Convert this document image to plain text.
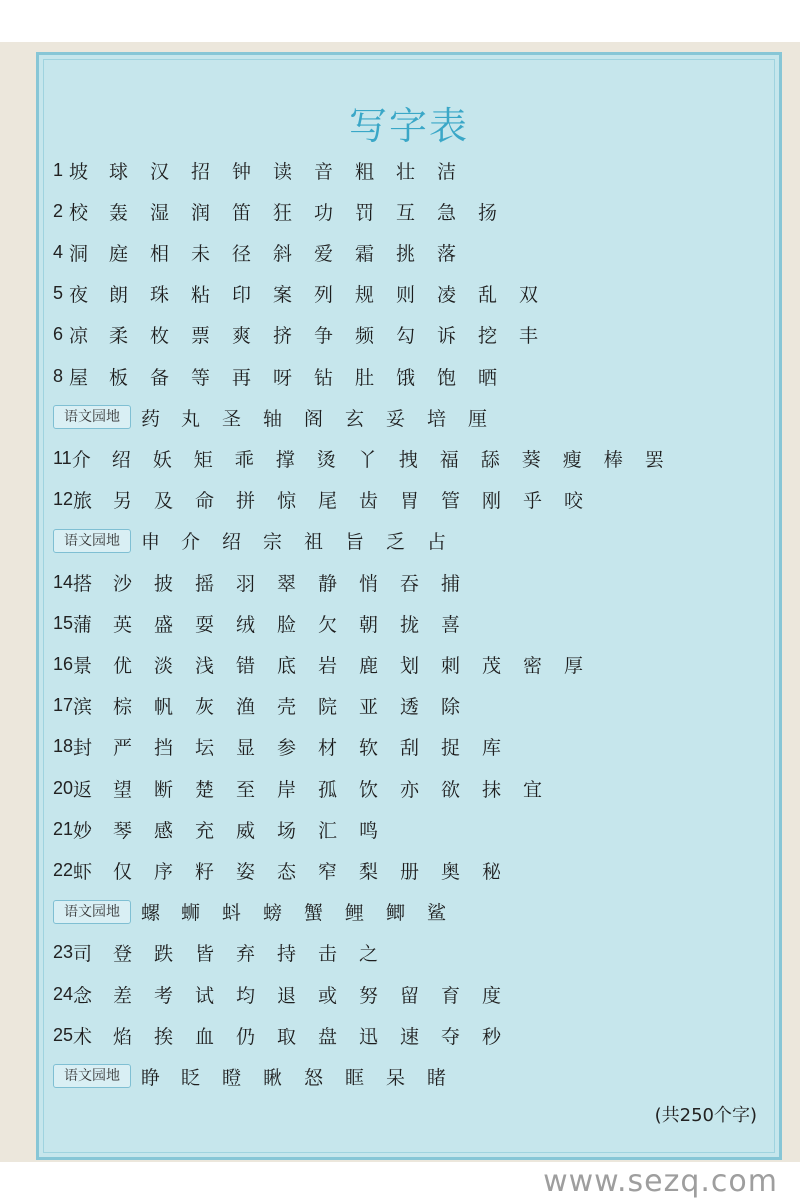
写字表
1 坡	球	汉	招	钟	读	音	粗	壮	洁
2 校	轰	湿	润	笛	狂	功	罚	互	急	扬
4 洞	庭	相	未	径	斜	爱	霜	挑	落
5 夜	朗	珠	粘	印	案	列	规	则	凌	乱	双
6 凉	柔	枚	票	爽	挤	争	频	勾	诉	挖	丰
8 屋	板	备	等	再	呀	钻	肚	饿	饱	晒
语文园地	药	丸	圣	轴	阁	玄	妥	培	厘
11 介	绍	妖	矩	乖	撑	烫	丫	拽	福	舔	葵	瘦	棒	罢
12 旅	另	及	命	拼	惊	尾	齿	胃	管	刚	乎	咬
语文园地	申	介	绍	宗	祖	旨	乏	占
14 搭	沙	披	摇	羽	翠	静	悄	吞	捕
15 蒲	英	盛	耍	绒	脸	欠	朝	拢	喜
16 景	优	淡	浅	错	底	岩	鹿	划	刺	茂	密	厚
17 滨	棕	帆	灰	渔	壳	院	亚	透	除
18 封	严	挡	坛	显	参	材	软	刮	捉	库
20 返	望	断	楚	至	岸	孤	饮	亦	欲	抹	宜
21 妙	琴	感	充	威	场	汇	鸣
22 虾	仅	序	籽	姿	态	窄	梨	册	奥	秘
语文园地	螺	蛳	蚪	螃	蟹	鲤	鲫	鲨
23 司	登	跌	皆	弃	持	击	之
24 念	差	考	试	均	退	或	努	留	育	度
25 术	焰	挨	血	仍	取	盘	迅	速	夺	秒
语文园地	睁	眨	瞪	瞅	怒	眶	呆	睹
(共250个字)
www.sezq.com
